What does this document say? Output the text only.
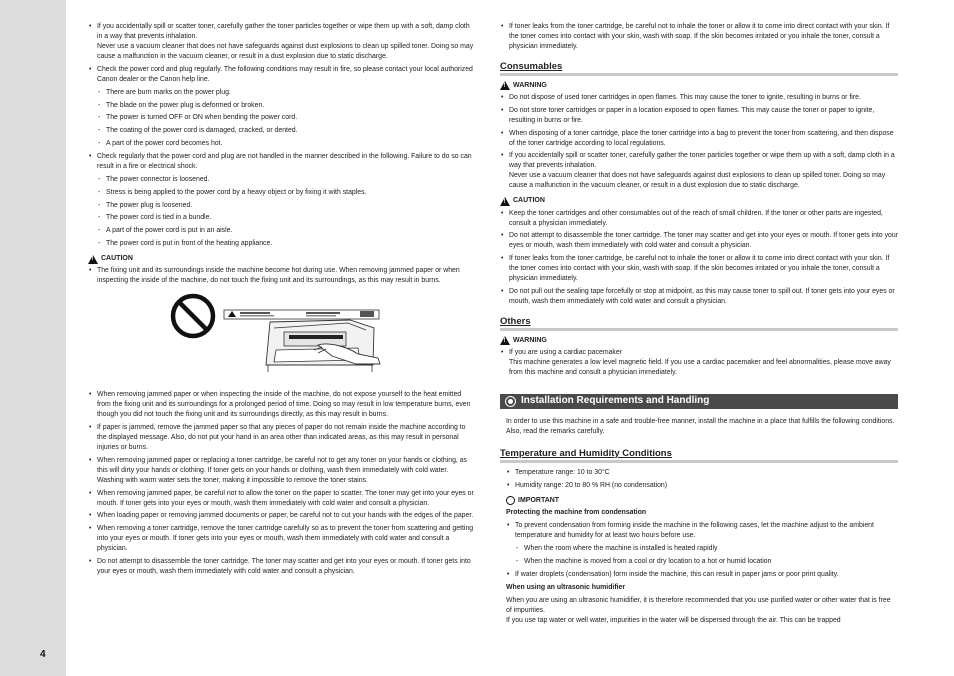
4
• If you accidentally spill or scatter toner, carefully gather the toner particles together or wipe them up with a soft, damp cloth in a way that prevents inhalation.
Never use a vacuum cleaner that does not have safeguards against dust explosions to clean up spilled toner. Doing so may cause a malfunction in the vacuum cleaner, or result in a dust explosion due to static discharge.
• Check the power cord and plug regularly. The following conditions may result in fire, so please contact your local authorized Canon dealer or the Canon help line.
- There are burn marks on the power plug.
- The blade on the power plug is deformed or broken.
- The power is turned OFF or ON when bending the power cord.
- The coating of the power cord is damaged, cracked, or dented.
- A part of the power cord becomes hot.
• Check regularly that the power cord and plug are not handled in the manner described in the following. Failure to do so can result in a fire or electrical shock.
- The power connector is loosened.
- Stress is being applied to the power cord by a heavy object or by fixing it with staples.
- The power plug is loosened.
- The power cord is tied in a bundle.
- A part of the power cord is put in an aisle.
- The power cord is put in front of the heating appliance.
!
CAUTION
• The fixing unit and its surroundings inside the machine become hot during use. When removing jammed paper or when inspecting the inside of the machine, do not touch the fixing unit and its surroundings, as this may result in burns.
• When removing jammed paper or when inspecting the inside of the machine, do not expose yourself to the heat emitted from the fixing unit and its surroundings for a prolonged period of time. Doing so may result in low temperature burns, even though you did not touch the fixing unit and its surroundings directly, as this may result in burns.
• If paper is jammed, remove the jammed paper so that any pieces of paper do not remain inside the machine according to the displayed message. Also, do not put your hand in an area other than indicated areas, as this may result in personal injuries or burns.
• When removing jammed paper or replacing a toner cartridge, be careful not to get any toner on your hands or clothing, as this will dirty your hands or clothing. If toner gets on your hands or clothing, wash them immediately with cold water. Washing with warm water sets the toner, making it impossible to remove the toner stains.
• When removing jammed paper, be careful not to allow the toner on the paper to scatter. The toner may get into your eyes or mouth. If toner gets into your eyes or mouth, wash them immediately with cold water and consult a physician.
• When loading paper or removing jammed documents or paper, be careful not to cut your hands with the edges of the paper.
• When removing a toner cartridge, remove the toner cartridge carefully so as to prevent the toner from scattering and getting into your eyes or mouth. If toner gets into your eyes or mouth, wash them immediately with cold water and consult a physician.
• Do not attempt to disassemble the toner cartridge. The toner may scatter and get into your eyes or mouth. If toner gets into your eyes or mouth, wash them immediately with cold water and consult a physician.
• If toner leaks from the toner cartridge, be careful not to inhale the toner or allow it to come into direct contact with your skin. If the toner comes into contact with your skin, wash with soap. If the skin becomes irritated or you inhale the toner, consult a physician immediately.
Consumables
!
WARNING
• Do not dispose of used toner cartridges in open flames. This may cause the toner to ignite, resulting in burns or fire.
• Do not store toner cartridges or paper in a location exposed to open flames. This may cause the toner or paper to ignite, resulting in burns or fire.
• When disposing of a toner cartridge, place the toner cartridge into a bag to prevent the toner from scattering, and then dispose of the toner cartridge according to local regulations.
• If you accidentally spill or scatter toner, carefully gather the toner particles together or wipe them up with a soft, damp cloth in a way that prevents inhalation.
Never use a vacuum cleaner that does not have safeguards against dust explosions to clean up spilled toner. Doing so may cause a malfunction in the vacuum cleaner, or result in a dust explosion due to static discharge.
!
CAUTION
• Keep the toner cartridges and other consumables out of the reach of small children. If the toner or other parts are ingested, consult a physician immediately.
• Do not attempt to disassemble the toner cartridge. The toner may scatter and get into your eyes or mouth. If toner gets into your eyes or mouth, wash them immediately with cold water and consult a physician.
• If toner leaks from the toner cartridge, be careful not to inhale the toner or allow it to come into direct contact with your skin. If the toner comes into contact with your skin, wash with soap. If the skin becomes irritated or you inhale the toner, consult a physician immediately.
• Do not pull out the sealing tape forcefully or stop at midpoint, as this may cause toner to spill out. If toner gets into your eyes or mouth, wash them immediately with cold water and consult a physician.
Others
!
WARNING
• If you are using a cardiac pacemaker
This machine generates a low level magnetic field. If you use a cardiac pacemaker and feel abnormalities, please move away from this machine and consult a physician immediately.
Installation Requirements and Handling

In order to use this machine in a safe and trouble-free manner, install the machine in a place that fulfills the following conditions. Also, read the remarks carefully.

Temperature and Humidity Conditions
• Temperature range: 10 to 30°C
• Humidity range: 20 to 80 % RH (no condensation)
IMPORTANT
Protecting the machine from condensation
• To prevent condensation from forming inside the machine in the following cases, let the machine adjust to the ambient temperature and humidity for at least two hours before use.
- When the room where the machine is installed is heated rapidly
- When the machine is moved from a cool or dry location to a hot or humid location
• If water droplets (condensation) form inside the machine, this can result in paper jams or poor print quality.
When using an ultrasonic humidifier

When you are using an ultrasonic humidifier, it is therefore recommended that you use purified water or other water that is free of impurities.

If you use tap water or well water, impurities in the water will be dispersed through the air. This can be trapped
